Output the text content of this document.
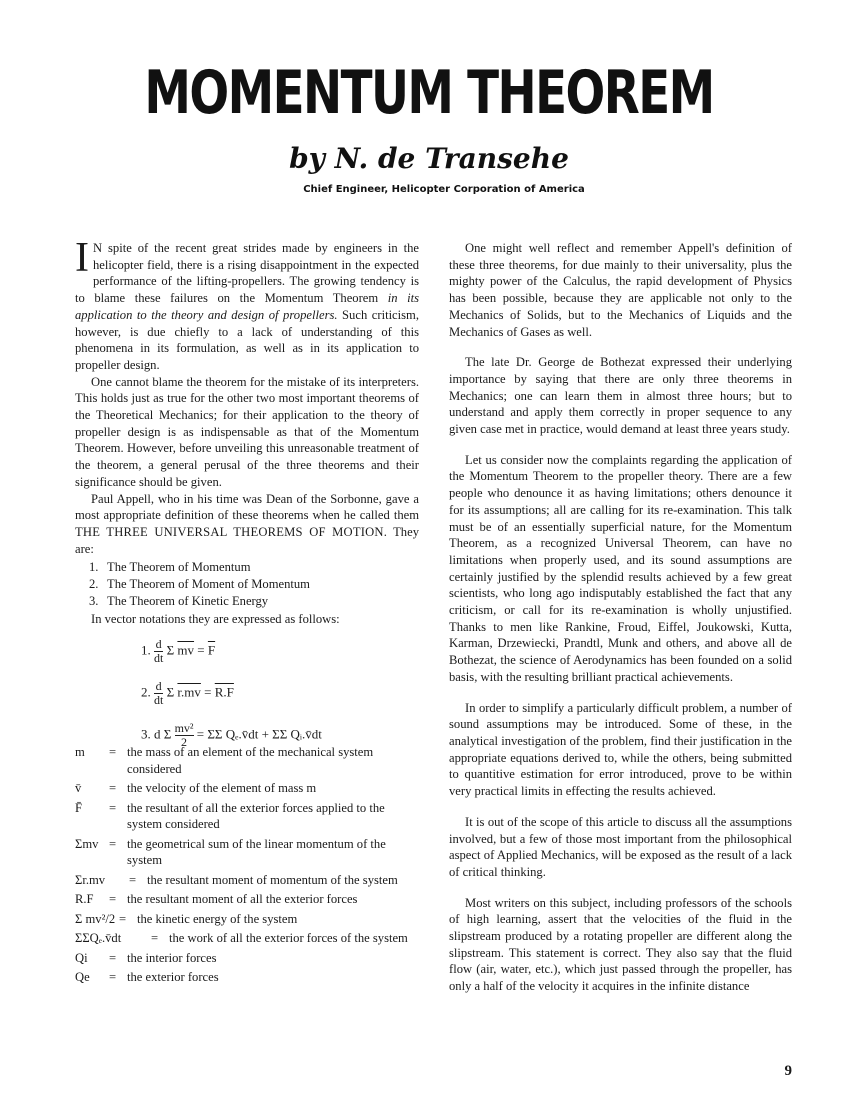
MOMENTUM THEOREM
by N. de Transehe
Chief Engineer, Helicopter Corporation of America

I N spite of the recent great strides made by engineers in the helicopter field, there is a rising disappointment in the expected performance of the lifting-propellers. The growing tendency is to blame these failures on the Momentum Theorem in its application to the theory and design of propellers. Such criticism, however, is due chiefly to a lack of understanding of this phenomena in its formulation, as well as in its application to propeller design.

One cannot blame the theorem for the mistake of its interpreters. This holds just as true for the other two most important theorems of the Theoretical Mechanics; for their application to the theory of propeller design is as indispensable as that of the Momentum Theorem. However, before unveiling this unreasonable treatment of the theorem, a general perusal of the three theorems and their significance should be given.

Paul Appell, who in his time was Dean of the Sorbonne, gave a most appropriate definition of these theorems when he called them THE THREE UNIVERSAL THEOREMS OF MOTION. They are:

1. The Theorem of Momentum
2. The Theorem of Moment of Momentum
3. The Theorem of Kinetic Energy

In vector notations they are expressed as follows:

1. $\frac{d}{dt}$ Σ $\overline{mv} = \overline{F}$
2. $\frac{d}{dt}$ Σ r.mv = R.F
3. d Σ $\frac{\text{mv²}}{2} = \Sigma\Sigma$ Qₑ.v̄dt + ΣΣ Qᵢ.v̄dt
m	= the mass of an element of the mechanical system considered
v̄	= the velocity of the element of mass m
F̄	= the resultant of all the exterior forces applied to the system considered
Σmv = the geometrical sum of the linear momentum of the system
Σr.mv	= the resultant moment of momentum of the system
R.F	= the resultant moment of all the exterior forces
Σ mv²/2 = the kinetic energy of the system
ΣΣQₑ.v̄dt	= the work of all the exterior forces of the system
Qi	= the interior forces
Qe	= the exterior forces

One might well reflect and remember Appell's definition of these three theorems, for due mainly to their universality, plus the mighty power of the Calculus, the rapid development of Physics has been possible, because they are applicable not only to the Mechanics of Solids, but to the Mechanics of Liquids and the Mechanics of Gases as well.

The late Dr. George de Bothezat expressed their underlying importance by saying that there are only three theorems in Mechanics; one can learn them in almost three hours; but to understand and apply them correctly in proper sequence to any given case met in practice, would demand at least three years study.

Let us consider now the complaints regarding the application of the Momentum Theorem to the propeller theory. There are a few people who denounce it as having limitations; others denounce it for its assumptions; all are calling for its re-examination. This talk must be of an essentially superficial nature, for the Momentum Theorem, as a recognized Universal Theorem, can have no limitations when properly used, and its sound assumptions are certainly justified by the splendid results achieved by a few great scientists, who long ago indisputably established the fact that any criticism, or call for its re-examination is wholly unjustified. Thanks to men like Rankine, Froud, Eiffel, Joukowski, Kutta, Karman, Drzewiecki, Prandtl, Munk and others, and above all de Bothezat, the science of Aerodynamics has been founded on a solid basis, with the resulting brilliant practical achievements.

In order to simplify a particularly difficult problem, a number of sound assumptions may be introduced. Some of these, in the analytical investigation of the problem, find their justification in the appropriate equations derived to, while the others, being submitted to quantitive estimation for error introduced, prove to be within very practical limits in effecting the results achieved.

It is out of the scope of this article to discuss all the assumptions involved, but a few of those most important from the philosophical aspect of Applied Mechanics, will be exposed as the result of a lack of critical thinking.

Most writers on this subject, including professors of the schools of high learning, assert that the velocities of the fluid in the slipstream produced by a rotating propeller are different along the slipstream. This statement is correct. They also say that the fluid flow (air, water, etc.), which just passed through the propeller, has only a half of the velocity it acquires in the infinite distance

9
